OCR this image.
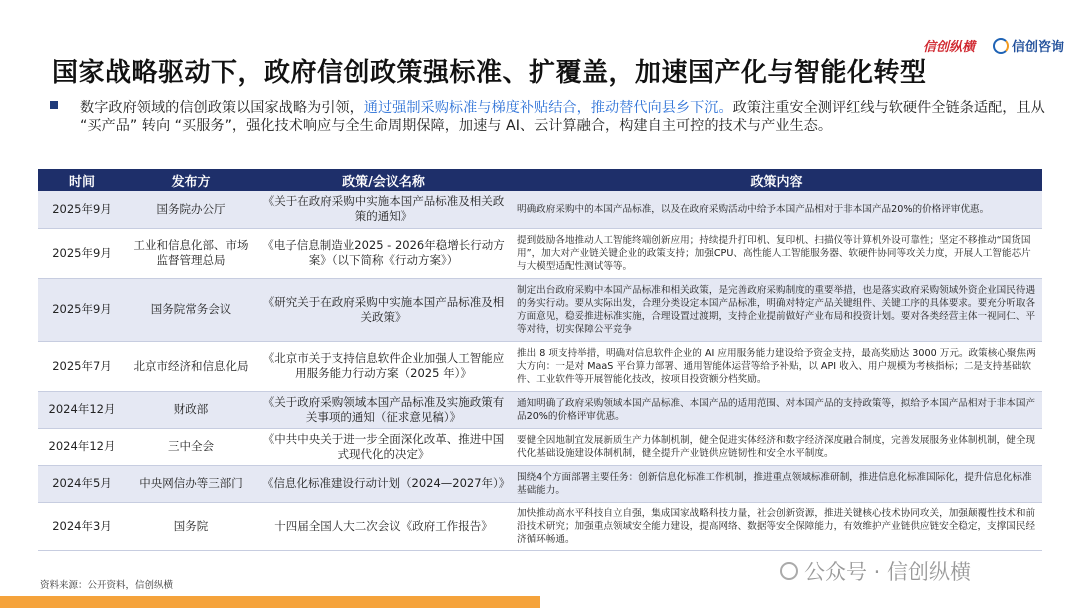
信创纵横	信创咨询
国家战略驱动下，政府信创政策强标准、扩覆盖，加速国产化与智能化转型

数字政府领域的信创政策以国家战略为引领，通过强制采购标准与梯度补贴结合，推动替代向县乡下沉。政策注重安全测评红线与软硬件全链条适配，且从 “买产品” 转向 “买服务”，强化技术响应与全生命周期保障，加速与 AI、云计算融合，构建自主可控的技术与产业生态。

时间	发布方	政策/会议名称	政策内容
2025年9月	国务院办公厅	《关于在政府采购中实施本国产品标准及相关政策的通知》	明确政府采购中的本国产品标准，以及在政府采购活动中给予本国产品相对于非本国产品20%的价格评审优惠。
2025年9月	工业和信息化部、市场监督管理总局	《电子信息制造业2025 - 2026年稳增长行动方案》（以下简称《行动方案》）	提到鼓励各地推动人工智能终端创新应用；持续提升打印机、复印机、扫描仪等计算机外设可靠性；坚定不移推动“国货国用”，加大对产业链关键企业的政策支持；加强CPU、高性能人工智能服务器、软硬件协同等攻关力度，开展人工智能芯片与大模型适配性测试等等。
2025年9月	国务院常务会议	《研究关于在政府采购中实施本国产品标准及相关政策》	制定出台政府采购中本国产品标准和相关政策，是完善政府采购制度的重要举措，也是落实政府采购领域外资企业国民待遇的务实行动。要从实际出发，合理分类设定本国产品标准，明确对特定产品关键组件、关键工序的具体要求。要充分听取各方面意见，稳妥推进标准实施，合理设置过渡期，支持企业提前做好产业布局和投资计划。要对各类经营主体一视同仁、平等对待，切实保障公平竞争
2025年7月	北京市经济和信息化局	《北京市关于支持信息软件企业加强人工智能应用服务能力行动方案（2025 年）》	推出 8 项支持举措，明确对信息软件企业的 AI 应用服务能力建设给予资金支持，最高奖励达 3000 万元。政策核心聚焦两大方向：一是对 MaaS 平台算力部署、通用智能体运营等给予补贴，以 API 收入、用户规模为考核指标；二是支持基础软件、工业软件等开展智能化技改，按项目投资额分档奖励。
2024年12月	财政部	《关于政府采购领域本国产品标准及实施政策有关事项的通知（征求意见稿）》	通知明确了政府采购领域本国产品标准、本国产品的适用范围、对本国产品的支持政策等，拟给予本国产品相对于非本国产品20%的价格评审优惠。
2024年12月	三中全会	《中共中央关于进一步全面深化改革、推进中国式现代化的决定》	要健全因地制宜发展新质生产力体制机制，健全促进实体经济和数字经济深度融合制度，完善发展服务业体制机制，健全现代化基础设施建设体制机制，健全提升产业链供应链韧性和安全水平制度。
2024年5月	中央网信办等三部门	《信息化标准建设行动计划（2024—2027年）》	围绕4个方面部署主要任务：创新信息化标准工作机制，推进重点领域标准研制，推进信息化标准国际化，提升信息化标准基础能力。
2024年3月	国务院	十四届全国人大二次会议《政府工作报告》	加快推动高水平科技自立自强，集成国家战略科技力量，社会创新资源，推进关键核心技术协同攻关，加强颠覆性技术和前沿技术研究；加强重点领域安全能力建设，提高网络、数据等安全保障能力，有效维护产业链供应链安全稳定，支撑国民经济循环畅通。
资料来源：公开资料，信创纵横
公众号 · 信创纵横
